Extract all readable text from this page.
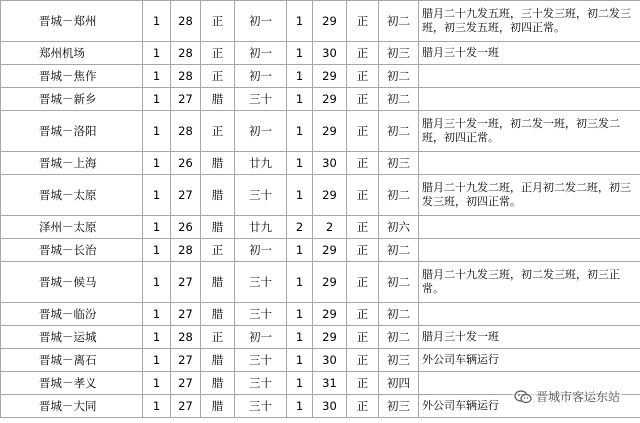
晋城－郑州	1	28	正	初一	1	29	正	初二	腊月二十九发五班，三十发三班，初二发三班，初三发五班，初四正常。
郑州机场	1	28	正	初一	1	30	正	初三	腊月三十发一班
晋城－焦作	1	28	正	初一	1	29	正	初二	
晋城－新乡	1	27	腊	三十	1	29	正	初二	
晋城－洛阳	1	28	正	初一	1	29	正	初二	腊月三十发一班，初二发一班，初三发二班，初四正常。
晋城－上海	1	26	腊	廿九	1	30	正	初三	
晋城－太原	1	27	腊	三十	1	29	正	初二	腊月二十九发二班，正月初二发二班，初三发三班，初四正常。
泽州－太原	1	26	腊	廿九	2	2	正	初六	
晋城－长治	1	28	正	初一	1	29	正	初二	
晋城－候马	1	27	腊	三十	1	29	正	初二	腊月二十九发三班，初二发三班，初三正常。
晋城－临汾	1	27	腊	三十	1	29	正	初二	
晋城－运城	1	28	正	初一	1	29	正	初二	腊月三十发一班
晋城－离石	1	27	腊	三十	1	30	正	初三	外公司车辆运行
晋城－孝义	1	27	腊	三十	1	31	正	初四	
晋城－大同	1	27	腊	三十	1	30	正	初三	外公司车辆运行
晋城市客运东站
